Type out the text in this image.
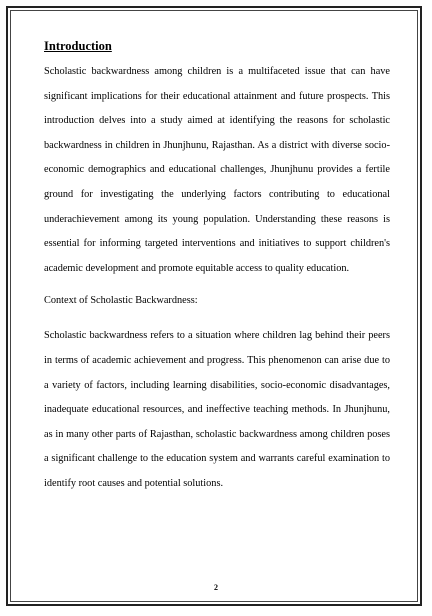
Introduction

Scholastic backwardness among children is a multifaceted issue that can have significant implications for their educational attainment and future prospects. This introduction delves into a study aimed at identifying the reasons for scholastic backwardness in children in Jhunjhunu, Rajasthan. As a district with diverse socio-economic demographics and educational challenges, Jhunjhunu provides a fertile ground for investigating the underlying factors contributing to educational underachievement among its young population. Understanding these reasons is essential for informing targeted interventions and initiatives to support children's academic development and promote equitable access to quality education.

Context of Scholastic Backwardness:

Scholastic backwardness refers to a situation where children lag behind their peers in terms of academic achievement and progress. This phenomenon can arise due to a variety of factors, including learning disabilities, socio-economic disadvantages, inadequate educational resources, and ineffective teaching methods. In Jhunjhunu, as in many other parts of Rajasthan, scholastic backwardness among children poses a significant challenge to the education system and warrants careful examination to identify root causes and potential solutions.

2
